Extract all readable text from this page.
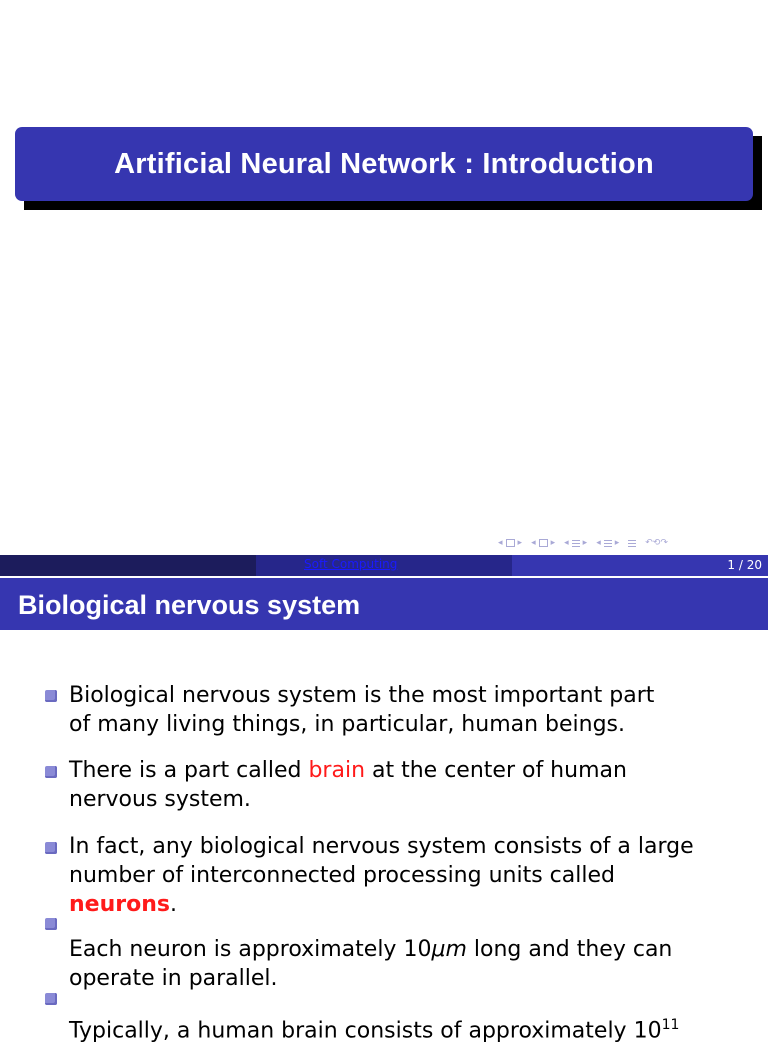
Artificial Neural Network : Introduction
◂ ▸ ◂ ▸ ◂ ▸ ◂ ▸	↶⟲↷
Soft Computing	1 / 20
Biological nervous system
Biological nervous system is the most important part
of many living things, in particular, human beings.
There is a part called brain at the center of human
nervous system.
In fact, any biological nervous system consists of a large
number of interconnected processing units called
neurons.
Each neuron is approximately 10μm long and they can
operate in parallel.
Typically, a human brain consists of approximately $10^{11}$
